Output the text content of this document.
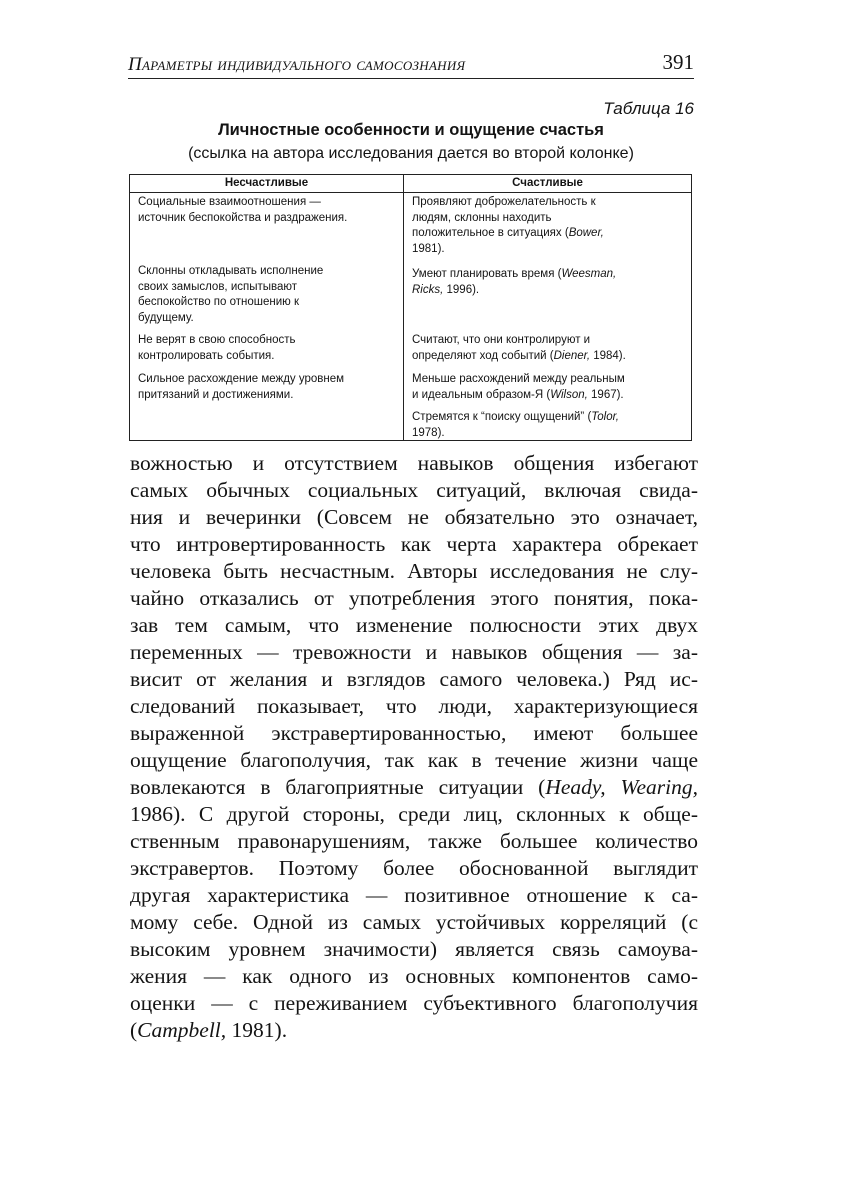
Параметры индивидуального самосознания	391
Таблица 16
Личностные особенности и ощущение счастья
(ссылка на автора исследования дается во второй колонке)
Несчастливые	Счастливые
Социальные взаимоотношения —
источник беспокойства и раздражения.
Склонны откладывать исполнение
своих замыслов, испытывают
беспокойство по отношению к
будущему.
Не верят в свою способность
контролировать события.
Сильное расхождение между уровнем
притязаний и достижениями.
Проявляют доброжелательность к
людям, склонны находить
положительное в ситуациях (Bower,
1981).
Умеют планировать время (Weesman,
Ricks, 1996).
Считают, что они контролируют и
определяют ход событий (Diener, 1984).
Меньше расхождений между реальным
и идеальным образом-Я (Wilson, 1967).
Стремятся к “поиску ощущений” (Tolor,
1978).
вожностью и отсутствием навыков общения избегают
самых обычных социальных ситуаций, включая свида-
ния и вечеринки (Совсем не обязательно это означает,
что интровертированность как черта характера обрекает
человека быть несчастным. Авторы исследования не слу-
чайно отказались от употребления этого понятия, пока-
зав тем самым, что изменение полюсности этих двух
переменных — тревожности и навыков общения — за-
висит от желания и взглядов самого человека.) Ряд ис-
следований показывает, что люди, характеризующиеся
выраженной экстравертированностью, имеют большее
ощущение благополучия, так как в течение жизни чаще
вовлекаются в благоприятные ситуации (Heady, Wearing,
1986). С другой стороны, среди лиц, склонных к обще-
ственным правонарушениям, также большее количество
экстравертов. Поэтому более обоснованной выглядит
другая характеристика — позитивное отношение к са-
мому себе. Одной из самых устойчивых корреляций (с
высоким уровнем значимости) является связь самоува-
жения — как одного из основных компонентов само-
оценки — с переживанием субъективного благополучия
(Campbell, 1981).
